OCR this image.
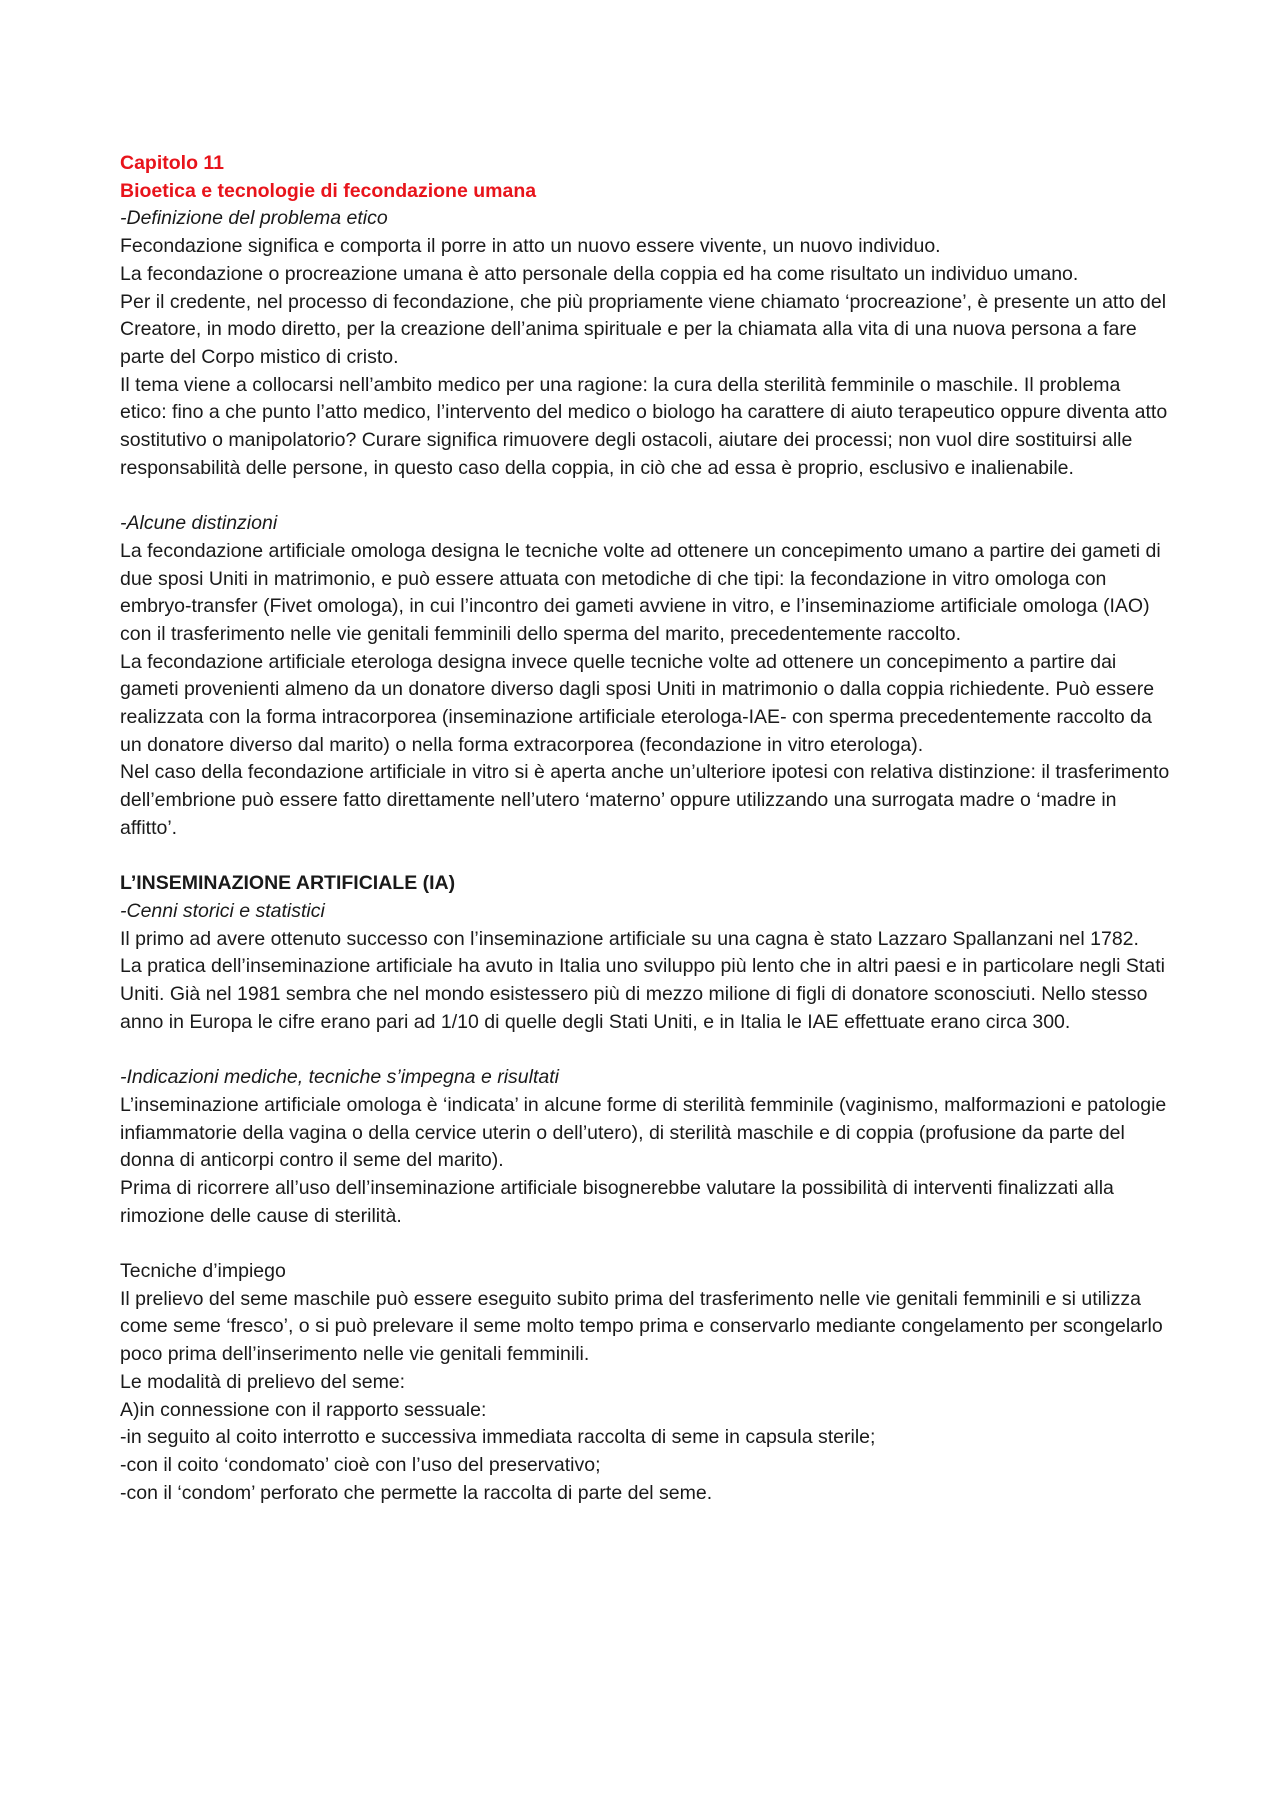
Capitolo 11

Bioetica e tecnologie di fecondazione umana

-Definizione del problema etico

Fecondazione significa e comporta il porre in atto un nuovo essere vivente, un nuovo individuo.

La fecondazione o procreazione umana è atto personale della coppia ed ha come risultato un individuo umano.

Per il credente, nel processo di fecondazione, che più propriamente viene chiamato ‘procreazione’, è presente un atto del Creatore, in modo diretto, per la creazione dell’anima spirituale e per la chiamata alla vita di una nuova persona a fare parte del Corpo mistico di cristo.

Il tema viene a collocarsi nell’ambito medico per una ragione: la cura della sterilità femminile o maschile. Il problema etico: fino a che punto l’atto medico, l’intervento del medico o biologo ha carattere di aiuto terapeutico oppure diventa atto sostitutivo o manipolatorio? Curare significa rimuovere degli ostacoli, aiutare dei processi; non vuol dire sostituirsi alle responsabilità delle persone, in questo caso della coppia, in ciò che ad essa è proprio, esclusivo e inalienabile.

-Alcune distinzioni

La fecondazione artificiale omologa designa le tecniche volte ad ottenere un concepimento umano a partire dei gameti di due sposi Uniti in matrimonio, e può essere attuata con metodiche di che tipi: la fecondazione in vitro omologa con embryo-transfer (Fivet omologa), in cui l’incontro dei gameti avviene in vitro, e l’inseminaziome artificiale omologa (IAO) con il trasferimento nelle vie genitali femminili dello sperma del marito, precedentemente raccolto.

La fecondazione artificiale eterologa designa invece quelle tecniche volte ad ottenere un concepimento a partire dai gameti provenienti almeno da un donatore diverso dagli sposi Uniti in matrimonio o dalla coppia richiedente. Può essere realizzata con la forma intracorporea (inseminazione artificiale eterologa-IAE- con sperma precedentemente raccolto da un donatore diverso dal marito) o nella forma extracorporea (fecondazione in vitro eterologa).

Nel caso della fecondazione artificiale in vitro si è aperta anche un’ulteriore ipotesi con relativa distinzione: il trasferimento dell’embrione può essere fatto direttamente nell’utero ‘materno’ oppure utilizzando una surrogata madre o ‘madre in affitto’.

L’INSEMINAZIONE ARTIFICIALE (IA)

-Cenni storici e statistici

Il primo ad avere ottenuto successo con l’inseminazione artificiale su una cagna è stato Lazzaro Spallanzani nel 1782.

La pratica dell’inseminazione artificiale ha avuto in Italia uno sviluppo più lento che in altri paesi e in particolare negli Stati Uniti. Già nel 1981 sembra che nel mondo esistessero più di mezzo milione di figli di donatore sconosciuti. Nello stesso anno in Europa le cifre erano pari ad 1/10 di quelle degli Stati Uniti, e in Italia le IAE effettuate erano circa 300.

-Indicazioni mediche, tecniche s’impegna e risultati

L’inseminazione artificiale omologa è ‘indicata’ in alcune forme di sterilità femminile (vaginismo, malformazioni e patologie infiammatorie della vagina o della cervice uterin o dell’utero), di sterilità maschile e di coppia (profusione da parte del donna di anticorpi contro il seme del marito).

Prima di ricorrere all’uso dell’inseminazione artificiale bisognerebbe valutare la possibilità di interventi finalizzati alla rimozione delle cause di sterilità.

Tecniche d’impiego

Il prelievo del seme maschile può essere eseguito subito prima del trasferimento nelle vie genitali femminili e si utilizza come seme ‘fresco’, o si può prelevare il seme molto tempo prima e conservarlo mediante congelamento per scongelarlo poco prima dell’inserimento nelle vie genitali femminili.

Le modalità di prelievo del seme:

A)in connessione con il rapporto sessuale:

-in seguito al coito interrotto e successiva immediata raccolta di seme in capsula sterile;

-con il coito ‘condomato’ cioè con l’uso del preservativo;

-con il ‘condom’ perforato che permette la raccolta di parte del seme.
